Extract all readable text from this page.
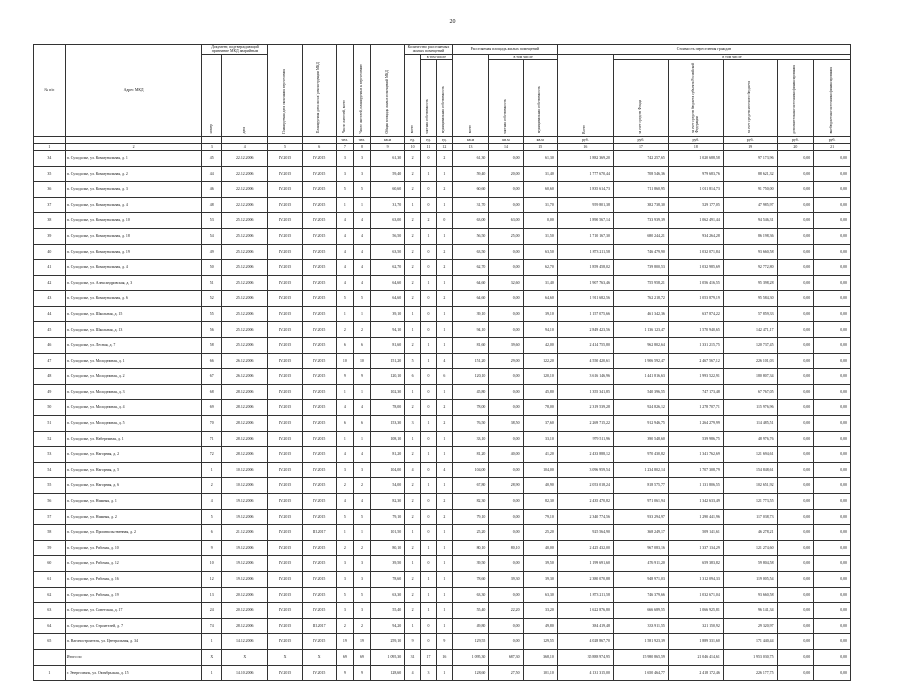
20
№ п/п	Адрес МКД	Документ, подтверждающий признание МКД аварийным		Планируемая дата окончания переселения	Планируемая дата сноса/ реконструкции МКД	Число жителей, всего	Число жителей, планируемых к переселению	Общая площадь жилых помещений МКД	Количество расселяемых жилых помещений			Расселяемая площадь жилых помещений			Стоимость переселения граждан					
		номер	дата						всего	в том числе		всего	в том числе		Всего	в том числе				
										частная собственность	муниципальная собственность		частная собственность	муниципальная собственность		за счет средств Фонда	за счет средств бюджета субъекта Российской Федерации	за счет средств местного бюджета	дополнительные источники финансирования	внебюджетные источники финансирования
						чел.	чел.	кв.м	ед.	ед.	ед.	кв.м	кв.м	кв.м	руб.	руб.	руб.	руб.	руб.	руб.
1	2	3	4	5	6	7	8	9	10	11	12	13	14	15	16	17	18	19	20	21
34	п. Суходолье, ул. Коммунальная, д. 1	45	22.12.2006	IV.2015	IV.2015	3	3	61,30	2	0	2	61,30	0,00	61,30	1 882 369,20	742 257,65	1 020 688,58	97 173,96	0,00	0,00
35	п. Суходолье, ул. Коммунальная, д. 2	44	22.12.2006	IV.2015	IV.2015	3	3	59,40	2	1	1	59,40	20,00	31,40	1 777 670,44	708 546,36	979 683,76	88 621,32	0,00	0,00
36	п. Суходолье, ул. Коммунальная, д. 3	46	22.12.2006	IV.2015	IV.2015	5	5	60,60	2	0	2	60,60	0,00	60,60	1 835 614,73	711 860,95	1 011 814,73	91 750,00	0,00	0,00
37	п. Суходолье, ул. Коммунальная, д. 4	48	22.12.2006	IV.2015	IV.2015	1	1	31,70	1	0	1	31,70	0,00	31,70	959 801,38	382 738,30	529 177,05	47 985,97	0,00	0,00
38	п. Суходолье, ул. Коммунальная, д. 10	53	25.12.2006	IV.2015	IV.2015	4	4	63,00	2	2	0	63,00	63,00	0,00	1 890 567,14	733 939,39	1 062 491,44	94 546,31	0,00	0,00
39	п. Суходолье, ул. Коммунальная, д. 18	54	25.12.2006	IV.2015	IV.2015	4	4	56,50	2	1	1	56,50	25,00	31,50	1 710 167,30	680 244,21	934 264,28	86 198,36	0,00	0,00
40	п. Суходолье, ул. Коммунальная, д. 19	49	25.12.2006	IV.2015	IV.2015	4	4	63,50	2	0	2	63,50	0,00	63,50	1 873 211,58	746 479,90	1 032 071,84	93 660,58	0,00	0,00
41	п. Суходолье, ул. Коммунальная, д. 4	50	25.12.2006	IV.2015	IV.2015	4	4	62,70	2	0	2	62,70	0,00	62,70	1 859 458,02	739 800,53	1 032 985,69	92 772,80	0,00	0,00
42	п. Суходолье, ул. Александровская, д. 3	51	25.12.2006	IV.2015	IV.2015	4	4	64,60	2	1	1	64,60	32,60	31,40	1 907 763,46	755 958,21	1 056 416,55	95 398,28	0,00	0,00
43	п. Суходолье, ул. Коммунальная, д. 6	52	25.12.2006	IV.2015	IV.2015	5	5	64,60	2	0	2	64,60	0,00	64,60	1 911 682,56	762 218,72	1 053 879,19	95 584,30	0,00	0,00
44	п. Суходолье, ул. Школьная, д. 15	55	25.12.2006	IV.2015	IV.2015	1	1	39,10	1	0	1	39,10	0,00	39,10	1 157 075,66	461 342,36	637 874,22	57 859,33	0,00	0,00
45	п. Суходолье, ул. Школьная, д. 13	56	25.12.2006	IV.2015	IV.2015	2	2	94,10	1	0	1	94,10	0,00	94,10	2 849 423,56	1 136 123,47	1 570 940,65	142 471,17	0,00	0,00
46	п. Суходолье, ул. Лесная, д. 7	58	25.12.2006	IV.2015	IV.2015	6	6	81,60	2	1	1	81,60	39,60	42,00	2 414 755,80	962 802,64	1 331 215,75	120 737,45	0,00	0,00
47	п. Суходолье, ул. Молодежная, д. 1	66	26.12.2006	IV.2015	IV.2015	10	10	151,20	5	1	4	151,20	29,00	122,20	4 550 420,61	1 906 592,47	2 467 567,12	226 101,03	0,00	0,00
48	п. Суходолье, ул. Молодежная, д. 2	67	26.12.2006	IV.2015	IV.2015	9	9	120,10	6	0	6	120,10	0,00	120,10	3 616 146,96	1 441 816,63	1 993 522,91	180 807,34	0,00	0,00
49	п. Суходолье, ул. Молодежная, д. 3	68	28.12.2006	IV.2015	IV.2015	1	1	102,30	1	0	1	45,80	0,00	45,80	1 355 341,85	540 396,55	747 173,48	67 767,05	0,00	0,00
50	п. Суходолье, ул. Молодежная, д. 4	69	28.12.2006	IV.2015	IV.2015	4	4	78,00	2	0	2	78,00	0,00	78,00	2 319 539,28	924 826,12	1 278 707,71	115 976,96	0,00	0,00
51	п. Суходолье, ул. Молодежная, д. 5	70	28.12.2006	IV.2015	IV.2015	6	6	153,30	3	1	2	76,50	38,50	37,60	2 269 715,22	912 946,75	1 264 279,99	114 485,51	0,00	0,00
52	п. Суходолье, ул. Набережная, д. 1	71	28.12.2006	IV.2015	IV.2015	1	1	108,10	1	0	1	33,10	0,00	33,10	979 511,96	390 548,60	539 986,75	48 976,76	0,00	0,00
53	п. Суходолье, ул. Нагорная, д. 2	72	28.12.2006	IV.2015	IV.2015	4	4	81,20	2	1	1	81,20	40,00	41,20	2 433 888,12	970 430,82	1 341 762,69	121 694,61	0,00	0,00
54	п. Суходолье, ул. Нагорная, д. 5	1	10.12.2006	IV.2015	IV.2015	3	3	104,00	4	0	4	104,00	0,00	104,00	3 096 959,54	1 234 802,14	1 707 308,79	154 848,61	0,00	0,00
55	п. Суходолье, ул. Нагорная, д. 6	2	10.12.2006	IV.2015	IV.2015	2	2	54,00	2	1	1	67,80	28,90	40,90	2 053 018,24	818 575,77	1 131 806,55	102 651,92	0,00	0,00
56	п. Суходолье, ул. Нижняя, д. 1	4	19.12.2006	IV.2015	IV.2015	4	4	82,30	2	0	2	82,30	0,00	82,30	2 435 470,82	971 061,94	1 342 633,49	121 773,55	0,00	0,00
57	п. Суходолье, ул. Нижняя, д. 2	5	19.12.2006	IV.2015	IV.2015	5	5	79,10	2	0	2	79,10	0,00	79,10	2 340 774,56	933 294,97	1 290 441,96	117 038,73	0,00	0,00
58	п. Суходолье, ул. Произвольственная, д. 2	6	21.12.2006	IV.2015	III.2017	1	1	101,50	1	0	1	25,20	0,00	25,20	925 564,90	368 249,17	509 141,61	46 278,21	0,00	0,00
59	п. Суходолье, ул. Рабочая, д. 10	9	19.12.2006	IV.2015	IV.2015	2	2	80,10	2	1	1	80,10	80,10	40,00	2 425 432,00	967 083,16	1 337 134,29	121 274,60	0,00	0,00
60	п. Суходолье, ул. Рабочая, д. 12	10	19.12.2006	IV.2015	IV.2015	3	3	39,50	1	0	1	39,50	0,00	39,50	1 199 691,60	476 911,20	659 383,82	59 804,58	0,00	0,00
61	п. Суходолье, ул. Рабочая, д. 16	12	19.12.2006	IV.2015	IV.2015	3	3	78,60	2	1	1	78,60	39,30	39,30	2 380 070,88	948 971,03	1 312 094,33	119 005,54	0,00	0,00
62	п. Суходолье, ул. Рабочая, д. 19	13	20.12.2006	IV.2015	IV.2015	5	5	63,30	2	1	1	63,30	0,00	63,30	1 873 211,58	746 379,66	1 032 671,04	93 660,58	0,00	0,00
63	п. Суходолье, ул. Советская, д. 17	24	20.12.2006	IV.2015	IV.2015	3	3	55,40	2	1	1	55,40	22,20	33,20	1 622 876,80	666 689,55	1 066 925,81	96 141,34	0,00	0,00
64	п. Суходолье, ул. Строителей, д. 7	74	28.12.2006	IV.2015	III.2017	2	2	94,20	1	0	1	49,80	0,00	49,80	384 419,48	333 911,55	321 150,92	29 320,97	0,00	0,00
65	п. Вагоностроитель, ул. Центральная, д. 34	1	14.12.2006	IV.2015	IV.2015	19	19	259,10	9	0	9	129,55	0,00	129,55	4 028 867,70	1 581 923,39	1 889 331,60	171 440,44	0,00	0,00
	Итого по	Х	Х	Х	Х	69	69	1 095,30	31	17	16	1 095,30	687,30	368,10	35 888 974,95	15 980 865,59	21 046 414,61	1 953 030,75	0,00	0,00
1	г. Энергосвязь, ул. Октябрьская, д. 15	1	14.10.2006	IV.2015	IV.2015	9	9	128,60	4	3	1	128,60	27,50	101,10	4 131 315,00	1 650 464,77	2 418 172,46	226 177,75	0,00	0,00
